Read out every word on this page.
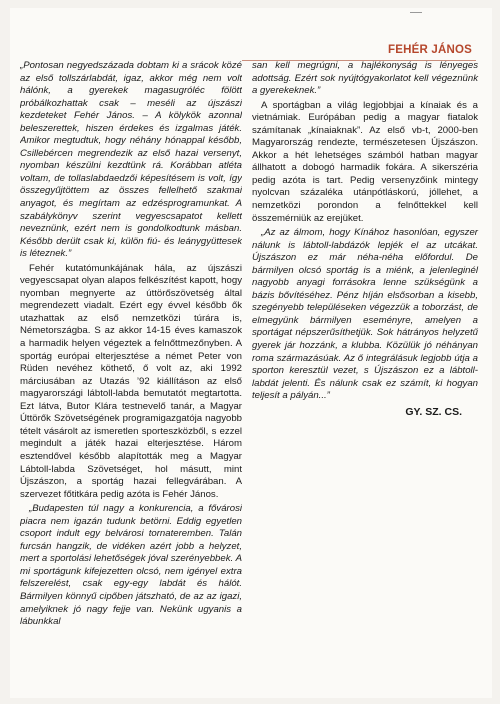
FEHÉR JÁNOS

„Pontosan negyedszázada dobtam ki a srácok közé az első tollszárlabdát, igaz, akkor még nem volt hálónk, a gyerekek magasugróléc fölött próbálkozhattak csak – meséli az újszászi kezdeteket Fehér János. – A kölykök azonnal beleszerettek, hiszen érdekes és izgalmas játék. Amikor megtudtuk, hogy néhány hónappal később, Csillebércen megrendezik az első hazai versenyt, nyomban készülni kezdtünk rá. Korábban atléta voltam, de tollaslabdaedzői képesítésem is volt, így összegyűjtöttem az összes fellelhető szakmai anyagot, és megírtam az edzésprogramunkat. A szabálykönyv szerint vegyescsapatot kellett neveznünk, ezért nem is gondolkodtunk másban. Később derült csak ki, külön fiú- és leánygyüttesek is léteznek.”

Fehér kutatómunkájának hála, az újszászi vegyescsapat olyan alapos felkészítést kapott, hogy nyomban megnyerte az úttörőszövetség által megrendezett viadalt. Ezért egy évvel később ők utazhattak az első nemzetközi túrára is, Németországba. S az akkor 14-15 éves kamaszok a harmadik helyen végeztek a felnőttmezőnyben. A sportág európai elterjesztése a német Peter von Rüden nevéhez köthető, ő volt az, aki 1992 márciusában az Utazás ’92 kiállításon az első magyarországi lábtoll-labda bemutatót megtartotta. Ezt látva, Butor Klára testnevelő tanár, a Magyar Úttörők Szövetségének programigazgatója nagyobb tételt vásárolt az ismeretlen sporteszközből, s ezzel megindult a játék hazai elterjesztése. Három esztendővel később alapították meg a Magyar Lábtoll-labda Szövetséget, hol másutt, mint Újszászon, a sportág hazai fellegvárában. A szervezet főtitkára pedig azóta is Fehér János.

„Budapesten túl nagy a konkurencia, a fővárosi piacra nem igazán tudunk betörni. Eddig egyetlen csoport indult egy belvárosi tornateremben. Talán furcsán hangzik, de vidéken azért jobb a helyzet, mert a sportolási lehetőségek jóval szerényebbek. A mi sportágunk kifejezetten olcsó, nem igényel extra felszerelést, csak egy-egy labdát és hálót. Bármilyen könnyű cipőben játszható, de az az igazi, amelyiknek jó nagy fejje van. Nekünk ugyanis a lábunkkal

san kell megrúgni, a hajlékonyság is lényeges adottság. Ezért sok nyújtógyakorlatot kell végeznünk a gyerekeknek.”

A sportágban a világ legjobbjai a kínaiak és a vietnámiak. Európában pedig a magyar fiatalok számítanak „kínaiaknak”. Az első vb-t, 2000-ben Magyarország rendezte, természetesen Újszászon. Akkor a hét lehetséges számból hatban magyar állhatott a dobogó harmadik fokára. A sikerszéria pedig azóta is tart. Pedig versenyzőink mintegy nyolcvan százaléka utánpótláskorú, jóllehet, a nemzetközi porondon a felnőttekkel kell összemérniük az erejüket.

„Az az álmom, hogy Kínához hasonlóan, egyszer nálunk is lábtoll-labdázók lepjék el az utcákat. Újszászon ez már néha-néha előfordul. De bármilyen olcsó sportág is a miénk, a jelenleginél nagyobb anyagi forrásokra lenne szükségünk a bázis bővítéséhez. Pénz híján elsősorban a kisebb, szegényebb településeken végezzük a toborzást, de elmegyünk bármilyen eseményre, amelyen a sportágat népszerűsíthetjük. Sok hátrányos helyzetű gyerek jár hozzánk, a klubba. Közülük jó néhányan roma származásúak. Az ő integrálásuk legjobb útja a sporton keresztül vezet, s Újszászon ez a lábtoll-labdát jelenti. És nálunk csak ez számít, ki hogyan teljesít a pályán...”

GY. SZ. CS.
